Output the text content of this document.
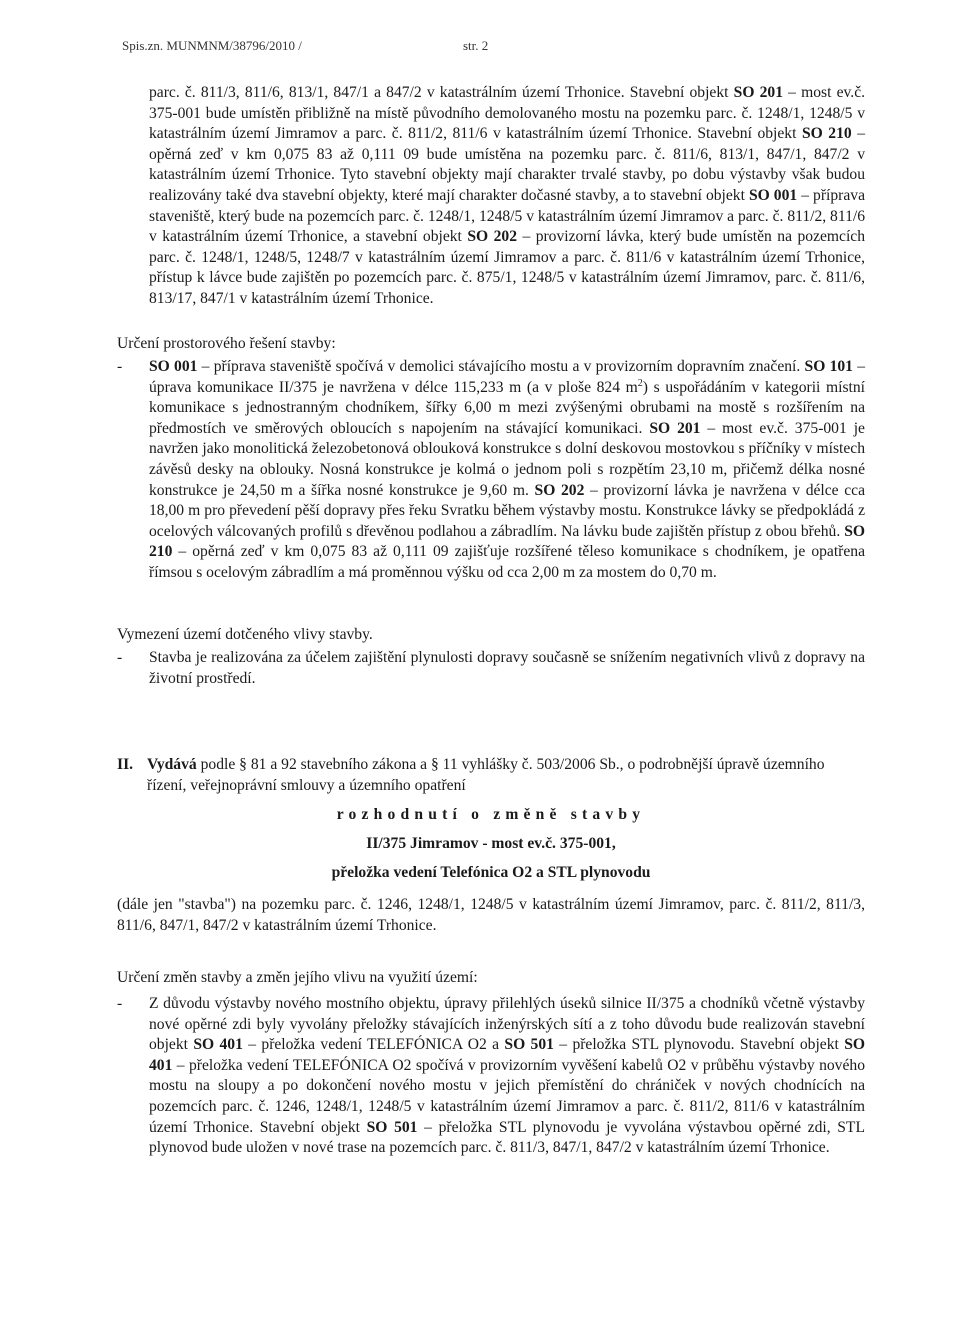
Spis.zn. MUNMNM/38796/2010 /	str. 2
parc. č. 811/3, 811/6, 813/1, 847/1 a 847/2 v katastrálním území Trhonice. Stavební objekt SO 201 – most ev.č. 375-001 bude umístěn přibližně na místě původního demolovaného mostu na pozemku parc. č. 1248/1, 1248/5 v katastrálním území Jimramov a parc. č. 811/2, 811/6 v katastrálním území Trhonice. Stavební objekt SO 210 – opěrná zeď v km 0,075 83 až 0,111 09 bude umístěna na pozemku parc. č. 811/6, 813/1, 847/1, 847/2 v katastrálním území Trhonice. Tyto stavební objekty mají charakter trvalé stavby, po dobu výstavby však budou realizovány také dva stavební objekty, které mají charakter dočasné stavby, a to stavební objekt SO 001 – příprava staveniště, který bude na pozemcích parc. č. 1248/1, 1248/5 v katastrálním území Jimramov a parc. č. 811/2, 811/6 v katastrálním území Trhonice, a stavební objekt SO 202 – provizorní lávka, který bude umístěn na pozemcích parc. č. 1248/1, 1248/5, 1248/7 v katastrálním území Jimramov a parc. č. 811/6 v katastrálním území Trhonice, přístup k lávce bude zajištěn po pozemcích parc. č. 875/1, 1248/5 v katastrálním území Jimramov, parc. č. 811/6, 813/17, 847/1 v katastrálním území Trhonice.
Určení prostorového řešení stavby:
- SO 001 – příprava staveniště spočívá v demolici stávajícího mostu a v provizorním dopravním značení. SO 101 – úprava komunikace II/375 je navržena v délce 115,233 m (a v ploše 824 $m^2$) s uspořádáním v kategorii místní komunikace s jednostranným chodníkem, šířky 6,00 m mezi zvýšenými obrubami na mostě s rozšířením na předmostích ve směrových obloucích s napojením na stávající komunikaci. SO 201 – most ev.č. 375-001 je navržen jako monolitická železobetonová oblouková konstrukce s dolní deskovou mostovkou s příčníky v místech závěsů desky na oblouky. Nosná konstrukce je kolmá o jednom poli s rozpětím 23,10 m, přičemž délka nosné konstrukce je 24,50 m a šířka nosné konstrukce je 9,60 m. SO 202 – provizorní lávka je navržena v délce cca 18,00 m pro převedení pěší dopravy přes řeku Svratku během výstavby mostu. Konstrukce lávky se předpokládá z ocelových válcovaných profilů s dřevěnou podlahou a zábradlím. Na lávku bude zajištěn přístup z obou břehů. SO 210 – opěrná zeď v km 0,075 83 až 0,111 09 zajišťuje rozšířené těleso komunikace s chodníkem, je opatřena římsou s ocelovým zábradlím a má proměnnou výšku od cca 2,00 m za mostem do 0,70 m.
Vymezení území dotčeného vlivy stavby.
- Stavba je realizována za účelem zajištění plynulosti dopravy současně se snížením negativních vlivů z dopravy na životní prostředí.
II. Vydává podle § 81 a 92 stavebního zákona a § 11 vyhlášky č. 503/2006 Sb., o podrobnější úpravě územního řízení, veřejnoprávní smlouvy a územního opatření
rozhodnutí o změně stavby
II/375 Jimramov - most ev.č. 375-001,
přeložka vedení Telefónica O2 a STL plynovodu
(dále jen "stavba") na pozemku parc. č. 1246, 1248/1, 1248/5 v katastrálním území Jimramov, parc. č. 811/2, 811/3, 811/6, 847/1, 847/2 v katastrálním území Trhonice.
Určení změn stavby a změn jejího vlivu na využití území:
- Z důvodu výstavby nového mostního objektu, úpravy přilehlých úseků silnice II/375 a chodníků včetně výstavby nové opěrné zdi byly vyvolány přeložky stávajících inženýrských sítí a z toho důvodu bude realizován stavební objekt SO 401 – přeložka vedení TELEFÓNICA O2 a SO 501 – přeložka STL plynovodu. Stavební objekt SO 401 – přeložka vedení TELEFÓNICA O2 spočívá v provizorním vyvěšení kabelů O2 v průběhu výstavby nového mostu na sloupy a po dokončení nového mostu v jejich přemístění do chrániček v nových chodnících na pozemcích parc. č. 1246, 1248/1, 1248/5 v katastrálním území Jimramov a parc. č. 811/2, 811/6 v katastrálním území Trhonice. Stavební objekt SO 501 – přeložka STL plynovodu je vyvolána výstavbou opěrné zdi, STL plynovod bude uložen v nové trase na pozemcích parc. č. 811/3, 847/1, 847/2 v katastrálním území Trhonice.
